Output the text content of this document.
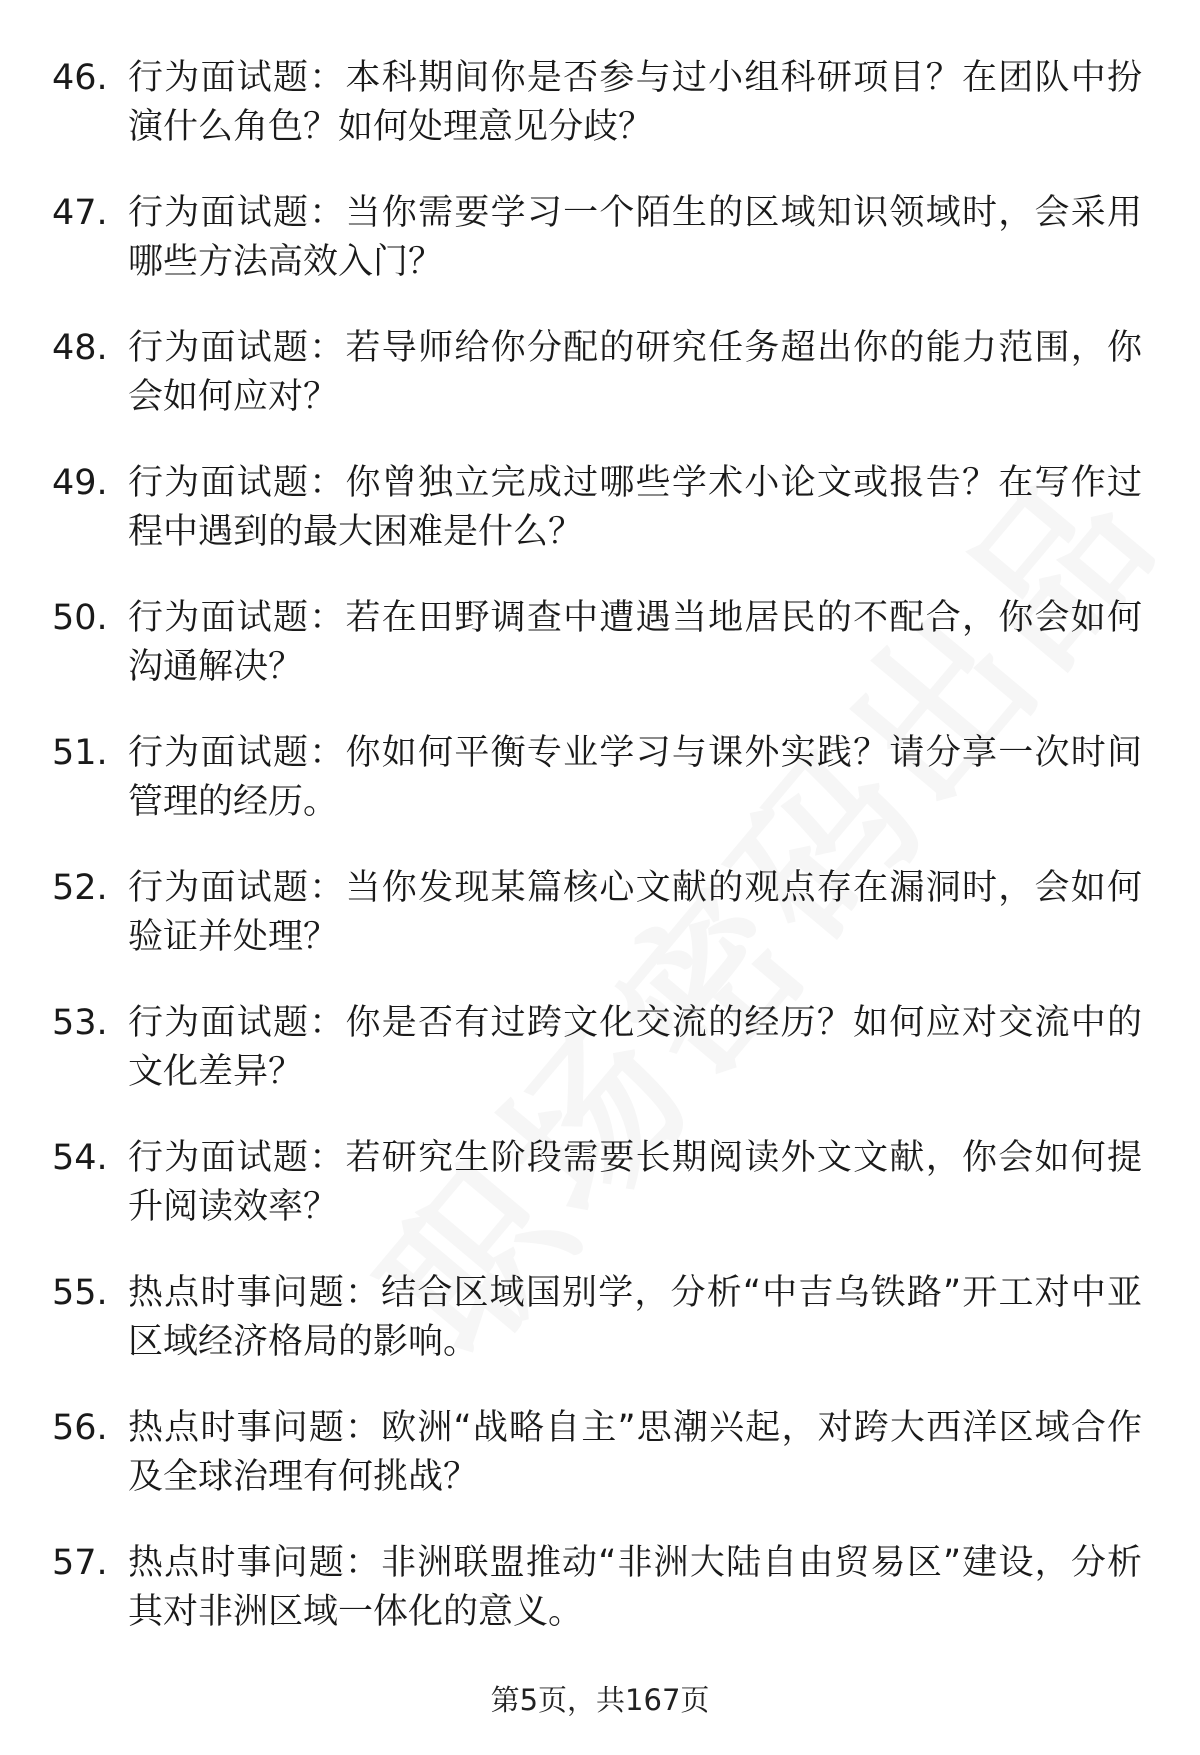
46. 行为面试题：本科期间你是否参与过小组科研项目？在团队中扮演什么角色？如何处理意见分歧？
47. 行为面试题：当你需要学习一个陌生的区域知识领域时，会采用哪些方法高效入门？
48. 行为面试题：若导师给你分配的研究任务超出你的能力范围，你会如何应对？
49. 行为面试题：你曾独立完成过哪些学术小论文或报告？在写作过程中遇到的最大困难是什么？
50. 行为面试题：若在田野调查中遭遇当地居民的不配合，你会如何沟通解决？
51. 行为面试题：你如何平衡专业学习与课外实践？请分享一次时间管理的经历。
52. 行为面试题：当你发现某篇核心文献的观点存在漏洞时，会如何验证并处理？
53. 行为面试题：你是否有过跨文化交流的经历？如何应对交流中的文化差异？
54. 行为面试题：若研究生阶段需要长期阅读外文文献，你会如何提升阅读效率？
55. 热点时事问题：结合区域国别学，分析“中吉乌铁路”开工对中亚区域经济格局的影响。
56. 热点时事问题：欧洲“战略自主”思潮兴起，对跨大西洋区域合作及全球治理有何挑战？
57. 热点时事问题：非洲联盟推动“非洲大陆自由贸易区”建设，分析其对非洲区域一体化的意义。
第5页，共167页
